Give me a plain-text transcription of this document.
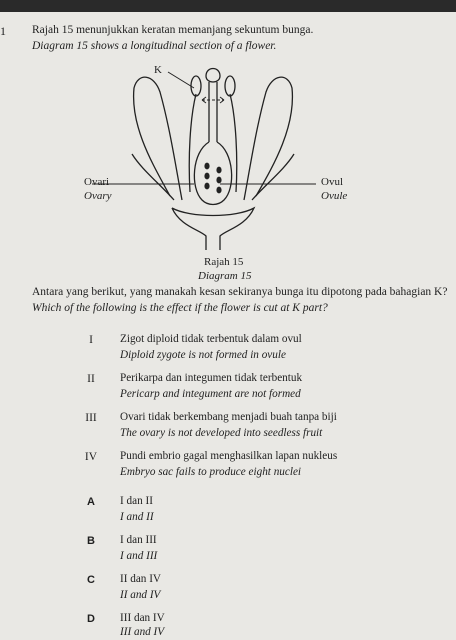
1 Rajah 15 menunjukkan keratan memanjang sekuntum bunga.
Diagram 15 shows a longitudinal section of a flower.
K
Ovari
Ovary
Ovul
Ovule
Rajah 15
Diagram 15
Antara yang berikut, yang manakah kesan sekiranya bunga itu dipotong pada bahagian K?
Which of the following is the effect if the flower is cut at K part?
I	Zigot diploid tidak terbentuk dalam ovul
Diploid zygote is not formed in ovule
II Perikarpa dan integumen tidak terbentuk
Pericarp and integument are not formed
III Ovari tidak berkembang menjadi buah tanpa biji
The ovary is not developed into seedless fruit
IV Pundi embrio gagal menghasilkan lapan nukleus
Embryo sac fails to produce eight nuclei
A I dan II
I and II
B I dan III
I and III
C II dan IV
II and IV
D III dan IV
III and IV
